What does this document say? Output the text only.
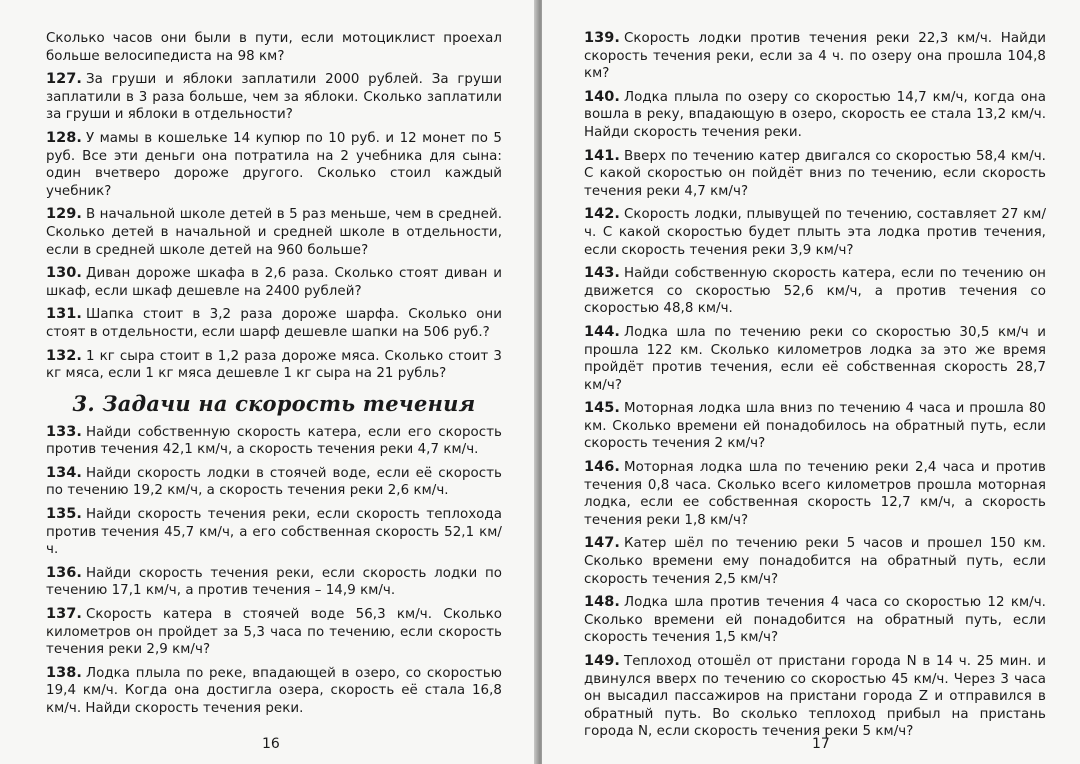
Сколько часов они были в пути, если мотоциклист проехал больше велосипедиста на 98 км?

127. За груши и яблоки заплатили 2000 рублей. За груши заплатили в 3 раза больше, чем за яблоки. Сколько заплатили за груши и яблоки в отдельности?

128. У мамы в кошельке 14 купюр по 10 руб. и 12 монет по 5 руб. Все эти деньги она потратила на 2 учебника для сына: один вчетверо дороже другого. Сколько стоил каждый учебник?

129. В начальной школе детей в 5 раз меньше, чем в средней. Сколько детей в начальной и средней школе в отдельности, если в средней школе детей на 960 больше?

130. Диван дороже шкафа в 2,6 раза. Сколько стоят диван и шкаф, если шкаф дешевле на 2400 рублей?

131. Шапка стоит в 3,2 раза дороже шарфа. Сколько они стоят в отдельности, если шарф дешевле шапки на 506 руб.?

132. 1 кг сыра стоит в 1,2 раза дороже мяса. Сколько стоит 3 кг мяса, если 1 кг мяса дешевле 1 кг сыра на 21 рубль?

3. Задачи на скорость течения

133. Найди собственную скорость катера, если его скорость против течения 42,1 км/ч, а скорость течения реки 4,7 км/ч.

134. Найди скорость лодки в стоячей воде, если её скорость по течению 19,2 км/ч, а скорость течения реки 2,6 км/ч.

135. Найди скорость течения реки, если скорость теплохода против течения 45,7 км/ч, а его собственная скорость 52,1 км/ч.

136. Найди скорость течения реки, если скорость лодки по течению 17,1 км/ч, а против течения – 14,9 км/ч.

137. Скорость катера в стоячей воде 56,3 км/ч. Сколько километров он пройдет за 5,3 часа по течению, если скорость течения реки 2,9 км/ч?

138. Лодка плыла по реке, впадающей в озеро, со скоростью 19,4 км/ч. Когда она достигла озера, скорость её стала 16,8 км/ч. Найди скорость течения реки.

16

139. Скорость лодки против течения реки 22,3 км/ч. Найди скорость течения реки, если за 4 ч. по озеру она прошла 104,8 км?

140. Лодка плыла по озеру со скоростью 14,7 км/ч, когда она вошла в реку, впадающую в озеро, скорость ее стала 13,2 км/ч. Найди скорость течения реки.

141. Вверх по течению катер двигался со скоростью 58,4 км/ч. С какой скоростью он пойдёт вниз по течению, если скорость течения реки 4,7 км/ч?

142. Скорость лодки, плывущей по течению, составляет 27 км/ч. С какой скоростью будет плыть эта лодка против течения, если скорость течения реки 3,9 км/ч?

143. Найди собственную скорость катера, если по течению он движется со скоростью 52,6 км/ч, а против течения со скоростью 48,8 км/ч.

144. Лодка шла по течению реки со скоростью 30,5 км/ч и прошла 122 км. Сколько километров лодка за это же время пройдёт против течения, если её собственная скорость 28,7 км/ч?

145. Моторная лодка шла вниз по течению 4 часа и прошла 80 км. Сколько времени ей понадобилось на обратный путь, если скорость течения 2 км/ч?

146. Моторная лодка шла по течению реки 2,4 часа и против течения 0,8 часа. Сколько всего километров прошла моторная лодка, если ее собственная скорость 12,7 км/ч, а скорость течения реки 1,8 км/ч?

147. Катер шёл по течению реки 5 часов и прошел 150 км. Сколько времени ему понадобится на обратный путь, если скорость течения 2,5 км/ч?

148. Лодка шла против течения 4 часа со скоростью 12 км/ч. Сколько времени ей понадобится на обратный путь, если скорость течения 1,5 км/ч?

149. Теплоход отошёл от пристани города N в 14 ч. 25 мин. и двинулся вверх по течению со скоростью 45 км/ч. Через 3 часа он высадил пассажиров на пристани города Z и отправился в обратный путь. Во сколько теплоход прибыл на пристань города N, если скорость течения реки 5 км/ч?

17
